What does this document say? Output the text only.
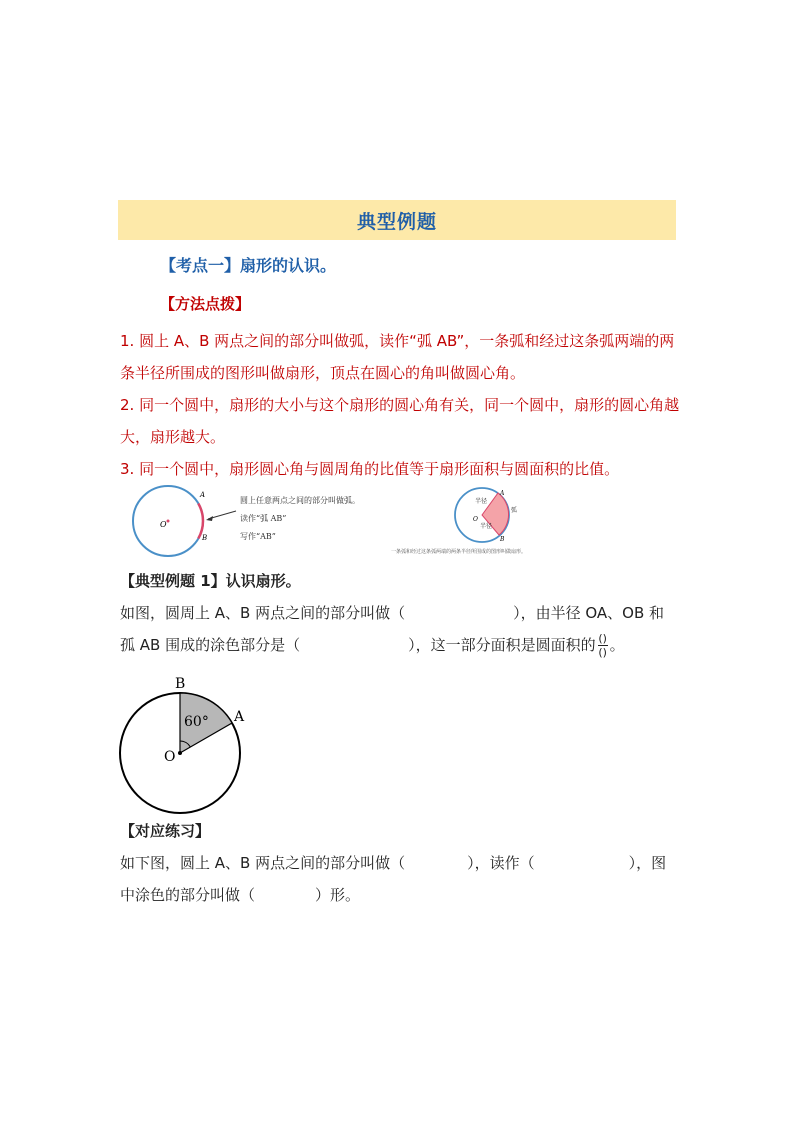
典型例题
【考点一】扇形的认识。
【方法点拨】
1. 圆上 A、B 两点之间的部分叫做弧，读作“弧 AB”，一条弧和经过这条弧两端的两条半径所围成的图形叫做扇形，顶点在圆心的角叫做圆心角。
2. 同一个圆中，扇形的大小与这个扇形的圆心角有关，同一个圆中，扇形的圆心角越大，扇形越大。
3. 同一个圆中，扇形圆心角与圆周角的比值等于扇形面积与圆面积的比值。
O
A
B
圆上任意两点之间的部分叫做弧。
读作“弧 AB”
写作“AB”
半径
半径
弧
O
A
B
一条弧和经过这条弧两端的两条半径所围成的图形叫做扇形。
【典型例题 1】认识扇形。
如图，圆周上 A、B 两点之间的部分叫做（	），由半径 OA、OB 和
孤 AB 围成的涂色部分是（	），这一部分面积是圆面积的 $\frac{()}{()}$ 。
60°
B
A
O
【对应练习】
如下图，圆上 A、B 两点之间的部分叫做（	），读作（	），图
中涂色的部分叫做（	）形。
